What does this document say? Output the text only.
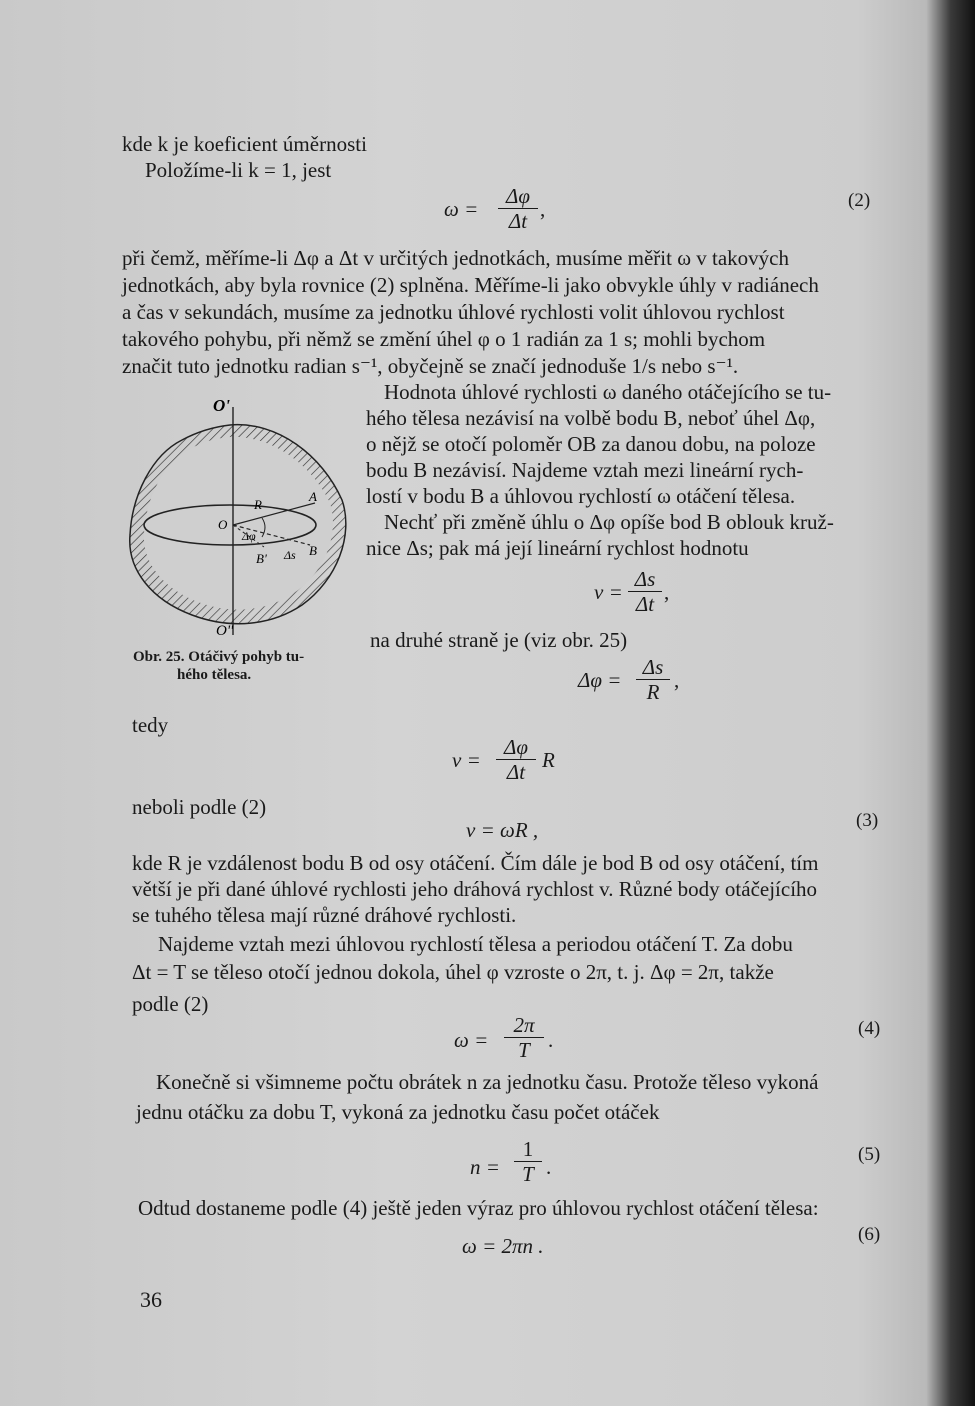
kde k je koeficient úměrnosti
Položíme-li k = 1, jest
ω =
Δφ
Δt ,	(2)
při čemž, měříme-li Δφ a Δt v určitých jednotkách, musíme měřit ω v takových
jednotkách, aby byla rovnice (2) splněna. Měříme-li jako obvykle úhly v radiánech
a čas v sekundách, musíme za jednotku úhlové rychlosti volit úhlovou rychlost
takového pohybu, při němž se změní úhel φ o 1 radián za 1 s; mohli bychom
značit tuto jednotku radian s⁻¹, obyčejně se značí jednoduše 1/s nebo s⁻¹.
Hodnota úhlové rychlosti ω daného otáčejícího se tu-
hého tělesa nezávisí na volbě bodu B, neboť úhel Δφ,
o nějž se otočí poloměr OB za danou dobu, na poloze
bodu B nezávisí. Najdeme vztah mezi lineární rych-
lostí v bodu B a úhlovou rychlostí ω otáčení tělesa.
Nechť při změně úhlu o Δφ opíše bod B oblouk kruž-
nice Δs; pak má její lineární rychlost hodnotu
v =
Δs
Δt ,
na druhé straně je (viz obr. 25)
Δφ =
Δs
R ,
O'
O''
O
R
A
B
B'
Δφ
Δs
Obr. 25. Otáčivý pohyb tu-
hého tělesa.
tedy
v =
Δφ
Δt R
neboli podle (2)
v = ωR ,	(3)
kde R je vzdálenost bodu B od osy otáčení. Čím dále je bod B od osy otáčení, tím
větší je při dané úhlové rychlosti jeho dráhová rychlost v. Různé body otáčejícího
se tuhého tělesa mají různé dráhové rychlosti.
Najdeme vztah mezi úhlovou rychlostí tělesa a periodou otáčení T. Za dobu
Δt = T se těleso otočí jednou dokola, úhel φ vzroste o 2π, t. j. Δφ = 2π, takže
podle (2)
ω =
2π
T .	(4)
Konečně si všimneme počtu obrátek n za jednotku času. Protože těleso vykoná
jednu otáčku za dobu T, vykoná za jednotku času počet otáček
n =
1
T .
(5)
Odtud dostaneme podle (4) ještě jeden výraz pro úhlovou rychlost otáčení tělesa:
ω = 2πn .	(6)
36
